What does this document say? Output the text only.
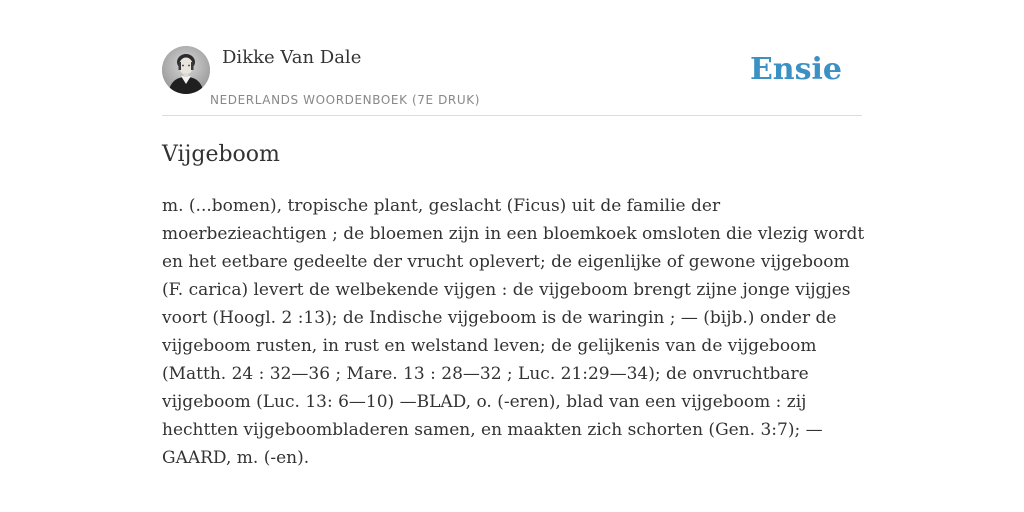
Dikke Van Dale
NEDERLANDS WOORDENBOEK (7E DRUK)
Ensie
Vijgeboom

m. (...bomen), tropische plant, geslacht (Ficus) uit de familie der
moerbezieachtigen ; de bloemen zijn in een bloemkoek omsloten die vlezig wordt
en het eetbare gedeelte der vrucht oplevert; de eigenlijke of gewone vijgeboom
(F. carica) levert de welbekende vijgen : de vijgeboom brengt zijne jonge vijgjes
voort (Hoogl. 2 :13); de Indische vijgeboom is de waringin ; — (bijb.) onder de
vijgeboom rusten, in rust en welstand leven; de gelijkenis van de vijgeboom
(Matth. 24 : 32—36 ; Mare. 13 : 28—32 ; Luc. 21:29—34); de onvruchtbare
vijgeboom (Luc. 13: 6—10) —BLAD, o. (-eren), blad van een vijgeboom : zij
hechtten vijgeboombladeren samen, en maakten zich schorten (Gen. 3:7); —
GAARD, m. (-en).
